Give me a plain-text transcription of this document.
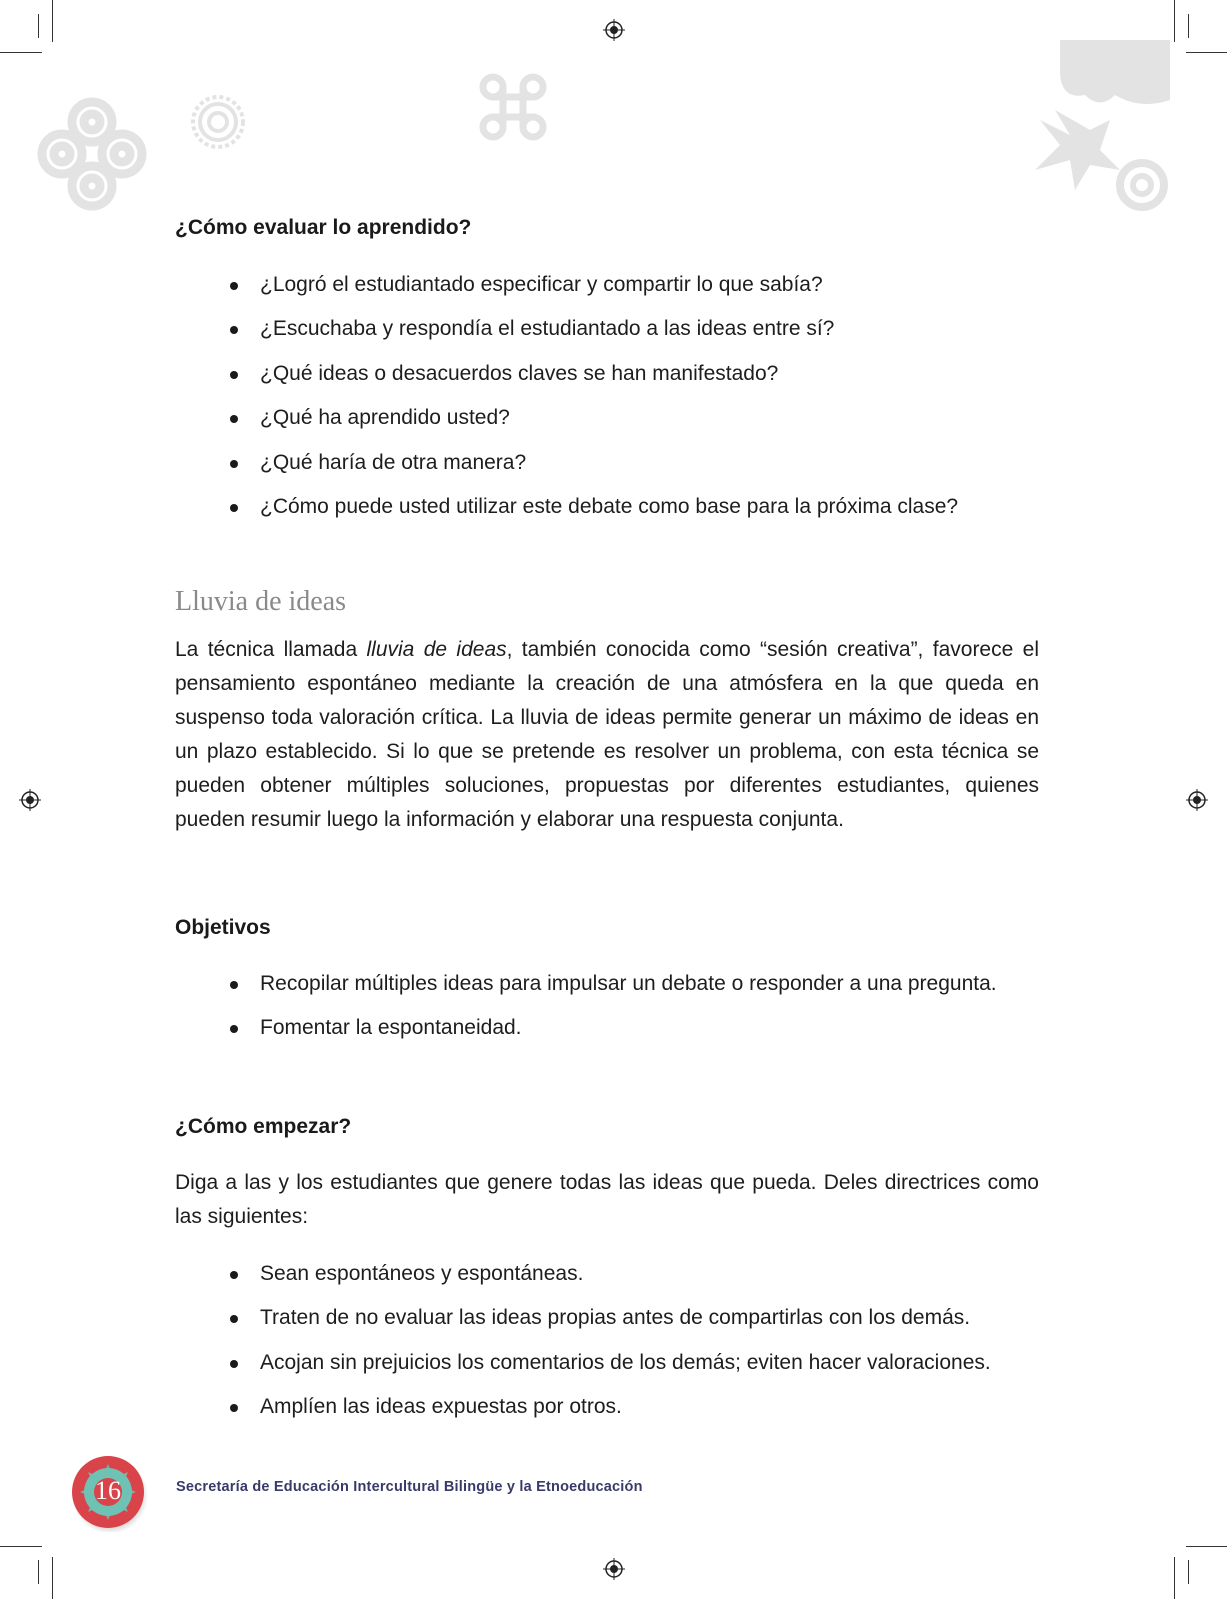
¿Cómo evaluar lo aprendido?
¿Logró el estudiantado especificar y compartir lo que sabía?
¿Escuchaba y respondía el estudiantado a las ideas entre sí?
¿Qué ideas o desacuerdos claves se han manifestado?
¿Qué ha aprendido usted?
¿Qué haría de otra manera?
¿Cómo puede usted utilizar este debate como base para la próxima clase?
Lluvia de ideas

La técnica llamada lluvia de ideas, también conocida como “sesión creativa”, favorece el pensamiento espontáneo mediante la creación de una atmósfera en la que queda en suspenso toda valoración crítica. La lluvia de ideas permite generar un máximo de ideas en un plazo establecido. Si lo que se pretende es resolver un problema, con esta técnica se pueden obtener múltiples soluciones, propuestas por diferentes estudiantes, quienes pueden resumir luego la información y elaborar una respuesta conjunta.

Objetivos
Recopilar múltiples ideas para impulsar un debate o responder a una pregunta.
Fomentar la espontaneidad.
¿Cómo empezar?

Diga a las y los estudiantes que genere todas las ideas que pueda. Deles directrices como las siguientes:

Sean espontáneos y espontáneas.
Traten de no evaluar las ideas propias antes de compartirlas con los demás.
Acojan sin prejuicios los comentarios de los demás; eviten hacer valoraciones.
Amplíen las ideas expuestas por otros.
16	Secretaría de Educación Intercultural Bilingüe y la Etnoeducación
